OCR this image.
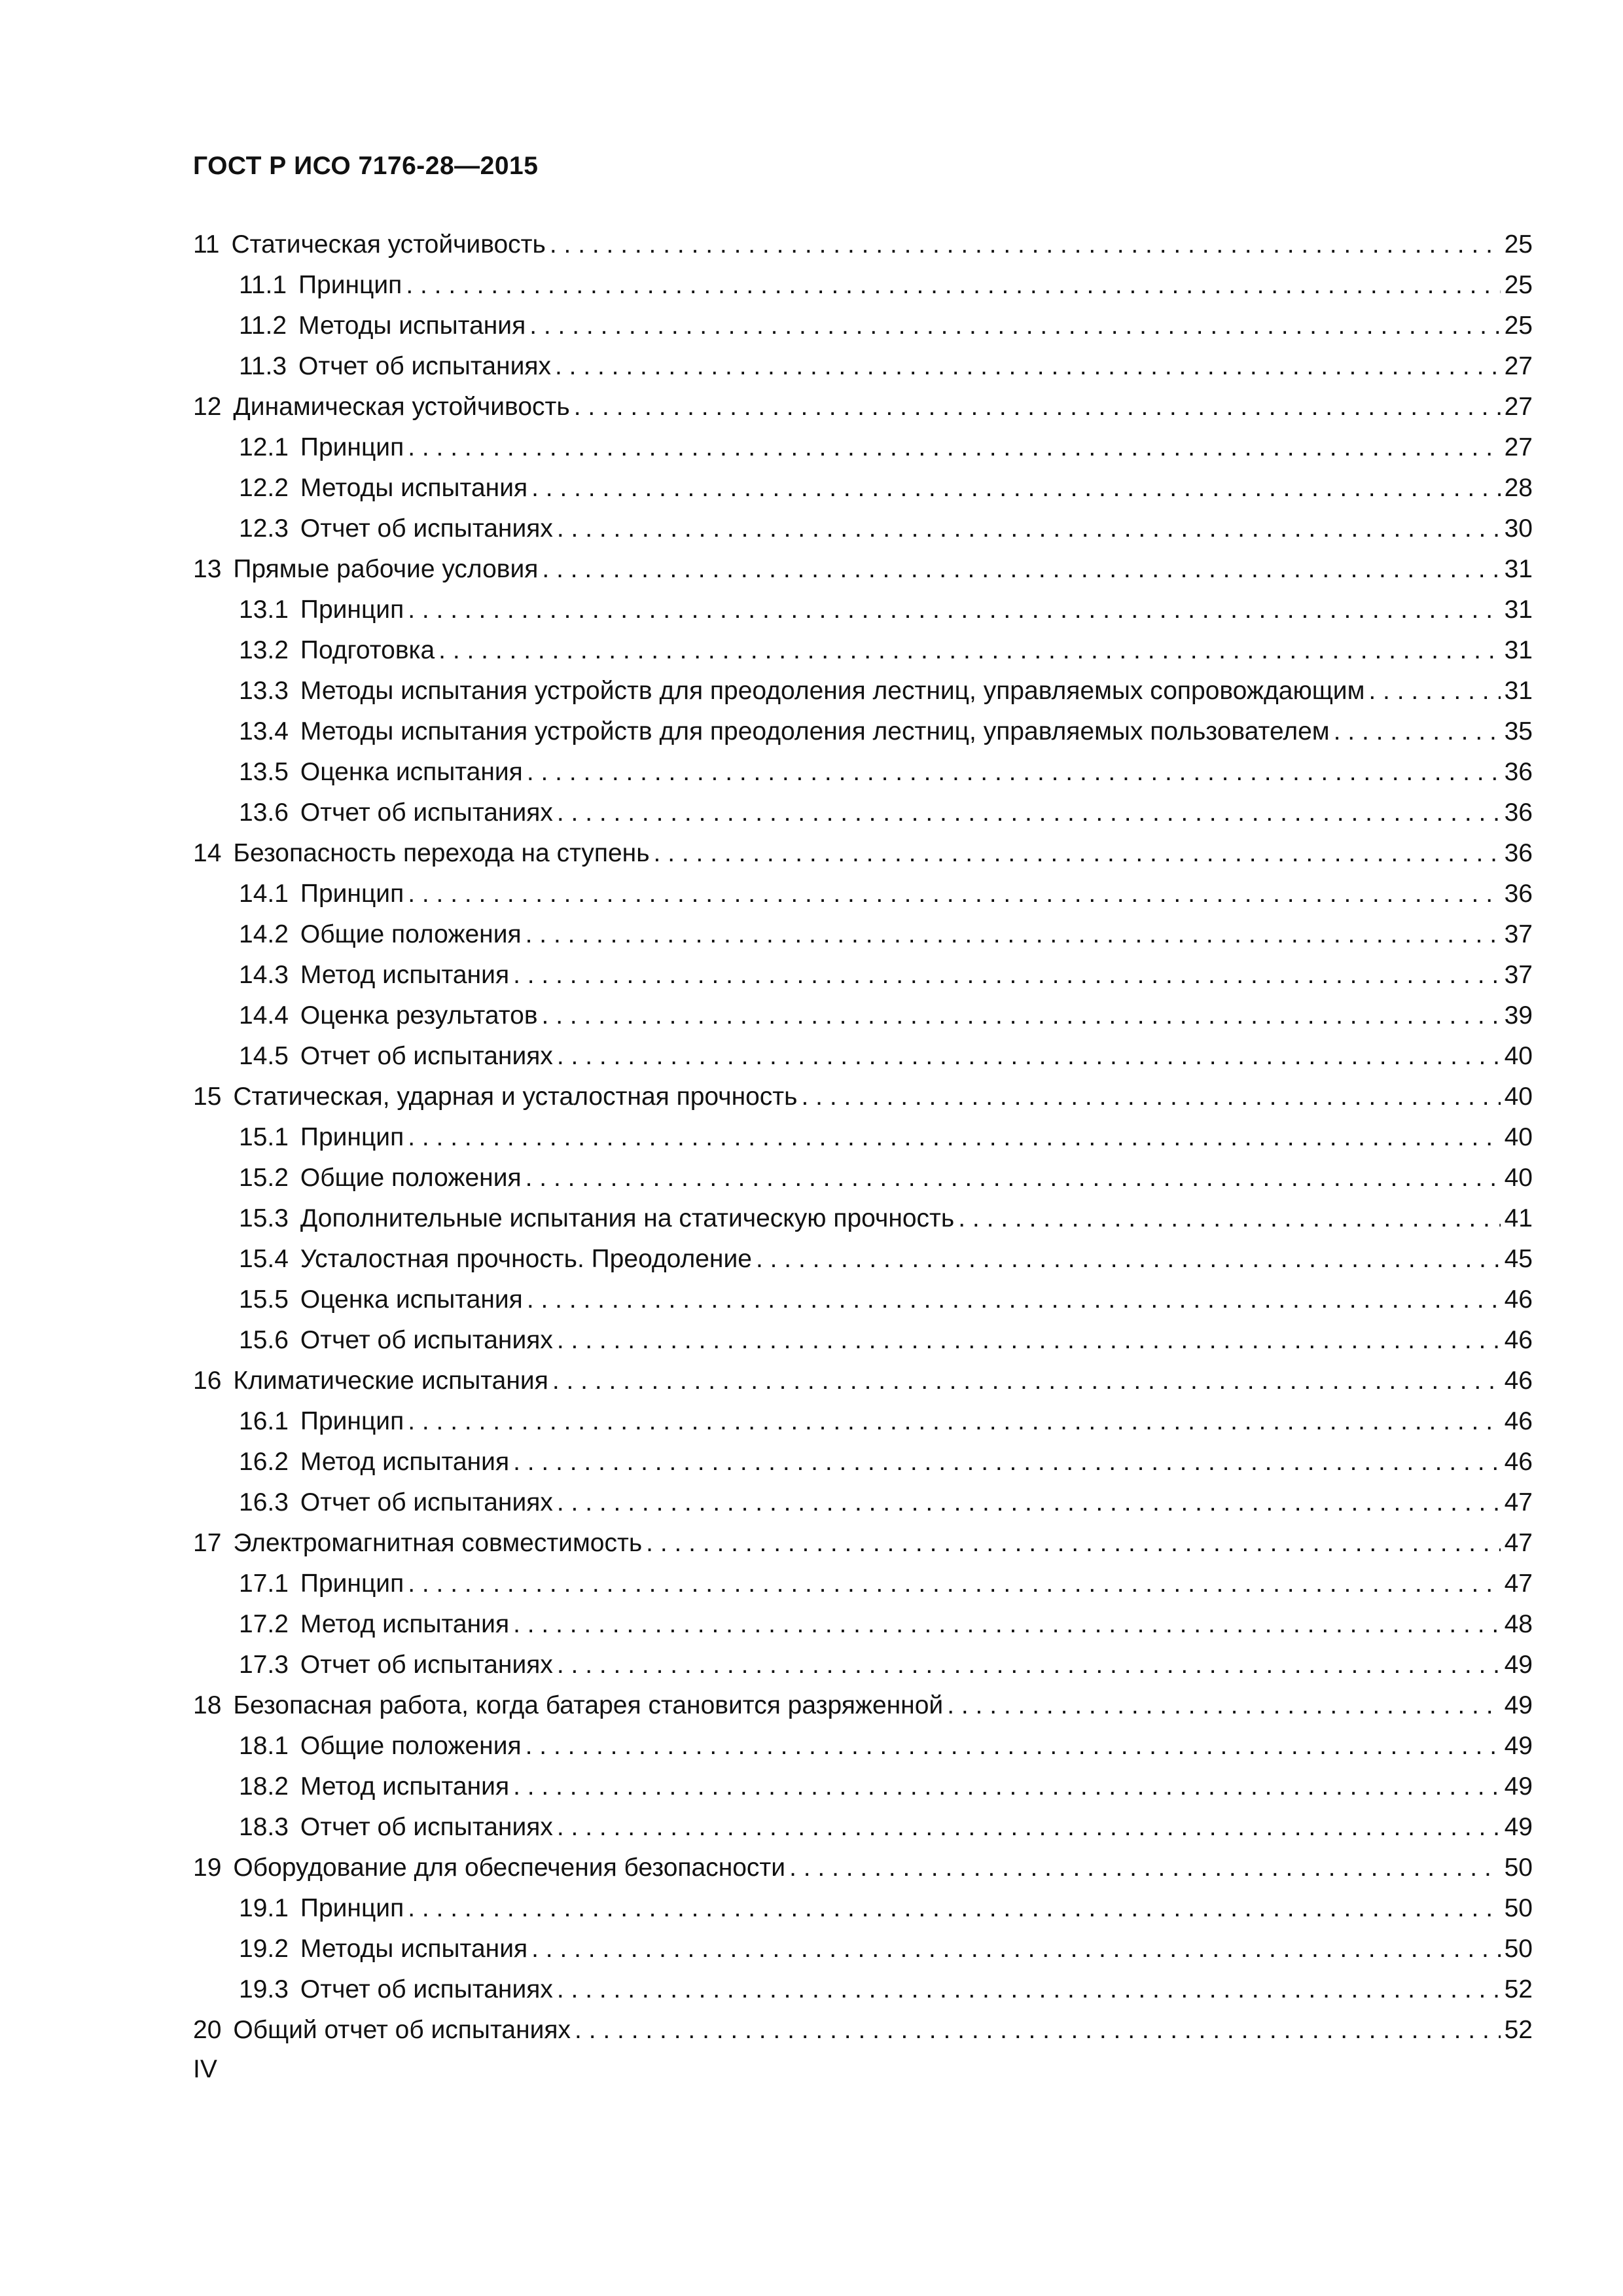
ГОСТ Р ИСО 7176-28—2015
11 Статическая устойчивость . . .	25
11.1 Принцип . . .	25
11.2 Методы испытания . . .	25
11.3 Отчет об испытаниях . . .	27
12 Динамическая устойчивость . . .	27
12.1 Принцип . . .	27
12.2 Методы испытания . . .	28
12.3 Отчет об испытаниях . . .	30
13 Прямые рабочие условия . . .	31
13.1 Принцип . . .	31
13.2 Подготовка . . .	31
13.3 Методы испытания устройств для преодоления лестниц, управляемых сопровождающим . . .	31
13.4 Методы испытания устройств для преодоления лестниц, управляемых пользователем . . .	35
13.5 Оценка испытания . . .	36
13.6 Отчет об испытаниях . . .	36
14 Безопасность перехода на ступень . . .	36
14.1 Принцип . . .	36
14.2 Общие положения . . .	37
14.3 Метод испытания . . .	37
14.4 Оценка результатов . . .	39
14.5 Отчет об испытаниях . . .	40
15 Статическая, ударная и усталостная прочность . . .	40
15.1 Принцип . . .	40
15.2 Общие положения . . .	40
15.3 Дополнительные испытания на статическую прочность . . .	41
15.4 Усталостная прочность. Преодоление . . .	45
15.5 Оценка испытания . . .	46
15.6 Отчет об испытаниях . . .	46
16 Климатические испытания . . .	46
16.1 Принцип . . .	46
16.2 Метод испытания . . .	46
16.3 Отчет об испытаниях . . .	47
17 Электромагнитная совместимость . . .	47
17.1 Принцип . . .	47
17.2 Метод испытания . . .	48
17.3 Отчет об испытаниях . . .	49
18 Безопасная работа, когда батарея становится разряженной . . .	49
18.1 Общие положения . . .	49
18.2 Метод испытания . . .	49
18.3 Отчет об испытаниях . . .	49
19 Оборудование для обеспечения безопасности . . .	50
19.1 Принцип . . .	50
19.2 Методы испытания . . .	50
19.3 Отчет об испытаниях . . .	52
20 Общий отчет об испытаниях . . .	52
IV
